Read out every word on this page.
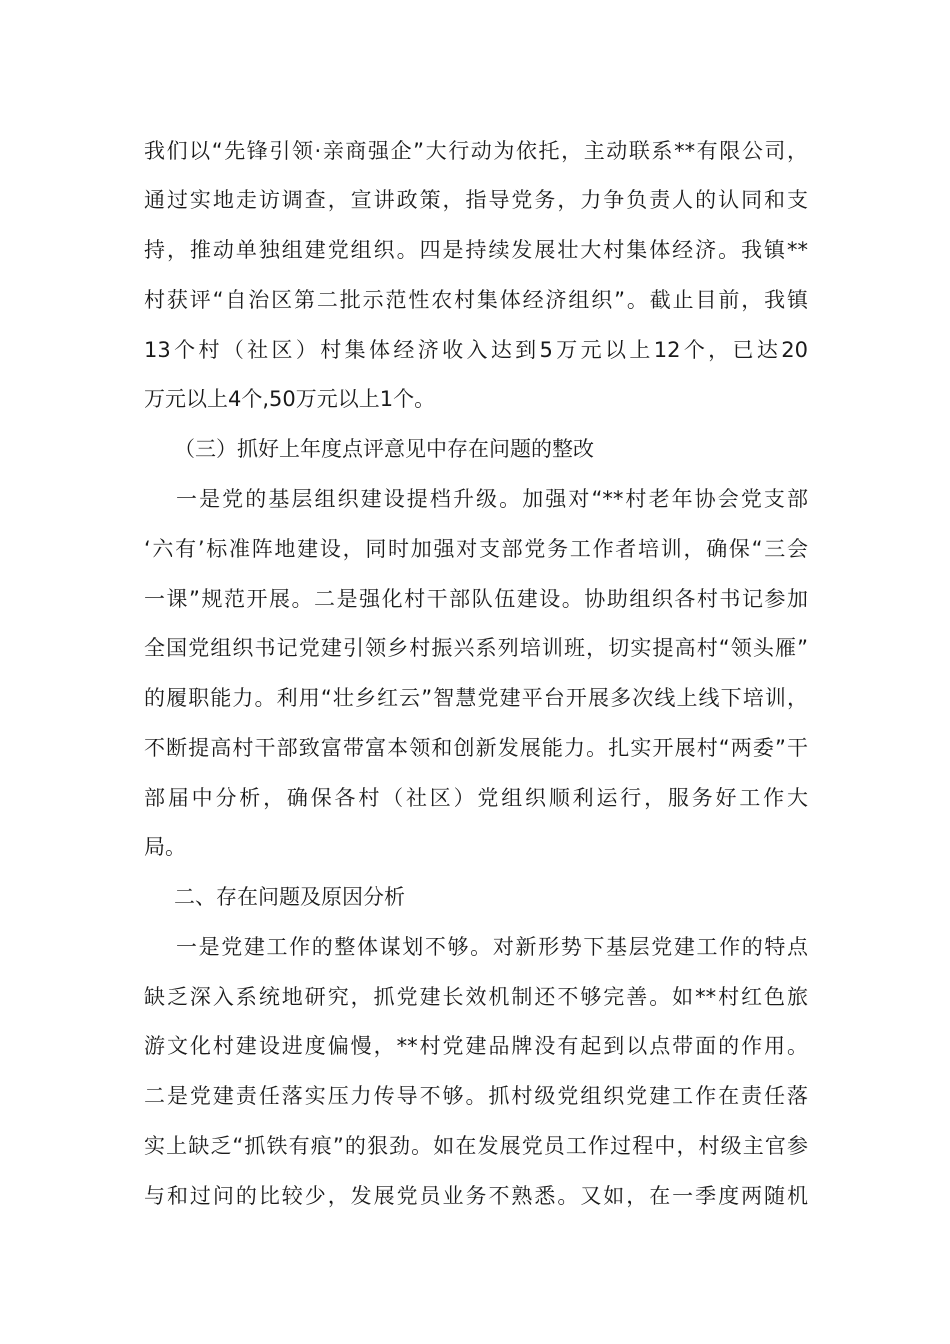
我们以“先锋引领·亲商强企”大行动为依托，主动联系**有限公司，
通过实地走访调查，宣讲政策，指导党务，力争负责人的认同和支
持，推动单独组建党组织。四是持续发展壮大村集体经济。我镇**
村获评“自治区第二批示范性农村集体经济组织”。截止目前，我镇
13个村（社区）村集体经济收入达到5万元以上12个，已达20
万元以上4个,50万元以上1个。
（三）抓好上年度点评意见中存在问题的整改
一是党的基层组织建设提档升级。加强对“**村老年协会党支部
‘六有’标准阵地建设，同时加强对支部党务工作者培训，确保“三会
一课”规范开展。二是强化村干部队伍建设。协助组织各村书记参加
全国党组织书记党建引领乡村振兴系列培训班，切实提高村“领头雁”
的履职能力。利用“壮乡红云”智慧党建平台开展多次线上线下培训，
不断提高村干部致富带富本领和创新发展能力。扎实开展村“两委”干
部届中分析，确保各村（社区）党组织顺利运行，服务好工作大
局。
二、存在问题及原因分析
一是党建工作的整体谋划不够。对新形势下基层党建工作的特点
缺乏深入系统地研究，抓党建长效机制还不够完善。如**村红色旅
游文化村建设进度偏慢，**村党建品牌没有起到以点带面的作用。
二是党建责任落实压力传导不够。抓村级党组织党建工作在责任落
实上缺乏“抓铁有痕”的狠劲。如在发展党员工作过程中，村级主官参
与和过问的比较少，发展党员业务不熟悉。又如，在一季度两随机
